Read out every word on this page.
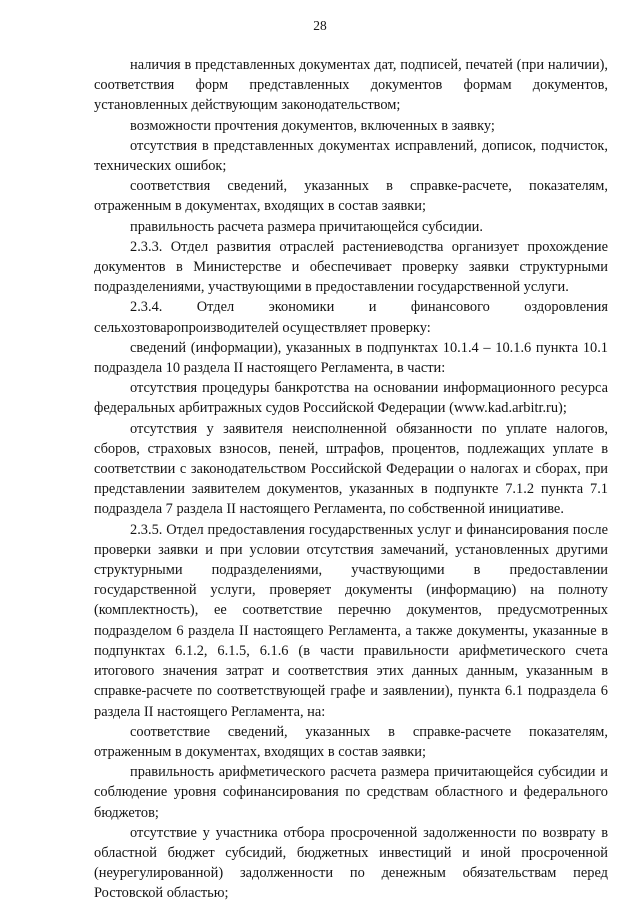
28

наличия в представленных документах дат, подписей, печатей (при наличии), соответствия форм представленных документов формам документов, установленных действующим законодательством;

возможности прочтения документов, включенных в заявку;

отсутствия в представленных документах исправлений, дописок, подчисток, технических ошибок;

соответствия сведений, указанных в справке-расчете, показателям, отраженным в документах, входящих в состав заявки;

правильность расчета размера причитающейся субсидии.

2.3.3. Отдел развития отраслей растениеводства организует прохождение документов в Министерстве и обеспечивает проверку заявки структурными подразделениями, участвующими в предоставлении государственной услуги.

2.3.4. Отдел экономики и финансового оздоровления сельхозтоваропроизводителей осуществляет проверку:

сведений (информации), указанных в подпунктах 10.1.4 – 10.1.6 пункта 10.1 подраздела 10 раздела II настоящего Регламента, в части:

отсутствия процедуры банкротства на основании информационного ресурса федеральных арбитражных судов Российской Федерации (www.kad.arbitr.ru);

отсутствия у заявителя неисполненной обязанности по уплате налогов, сборов, страховых взносов, пеней, штрафов, процентов, подлежащих уплате в соответствии с законодательством Российской Федерации о налогах и сборах, при представлении заявителем документов, указанных в подпункте 7.1.2 пункта 7.1 подраздела 7 раздела II настоящего Регламента, по собственной инициативе.

2.3.5. Отдел предоставления государственных услуг и финансирования после проверки заявки и при условии отсутствия замечаний, установленных другими структурными подразделениями, участвующими в предоставлении государственной услуги, проверяет документы (информацию) на полноту (комплектность), ее соответствие перечню документов, предусмотренных подразделом 6 раздела II настоящего Регламента, а также документы, указанные в подпунктах 6.1.2, 6.1.5, 6.1.6 (в части правильности арифметического счета итогового значения затрат и соответствия этих данных данным, указанным в справке-расчете по соответствующей графе и заявлении), пункта 6.1 подраздела 6 раздела II настоящего Регламента, на:

соответствие сведений, указанных в справке-расчете показателям, отраженным в документах, входящих в состав заявки;

правильность арифметического расчета размера причитающейся субсидии и соблюдение уровня софинансирования по средствам областного и федерального бюджетов;

отсутствие у участника отбора просроченной задолженности по возврату в областной бюджет субсидий, бюджетных инвестиций и иной просроченной (неурегулированной) задолженности по денежным обязательствам перед Ростовской областью;
